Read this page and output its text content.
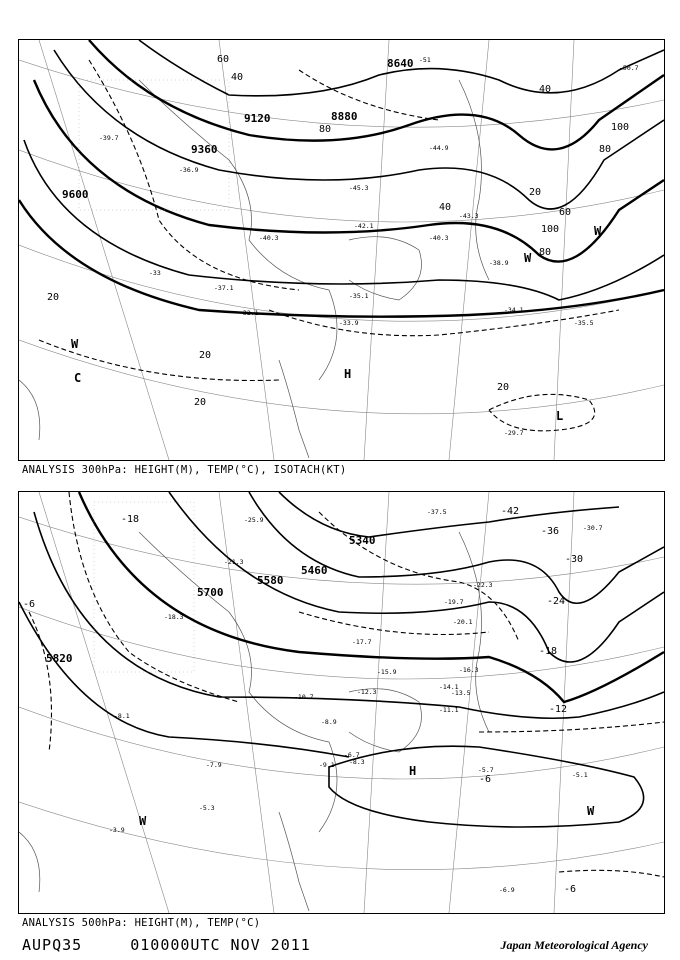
8640
8880
9120
9360
9600
60
40
80	100
40
80
20
40	60
80
100
20
20
20
20
C	H
L
W
W
W
-39.7
-36.9
-45.3
-40.3
-43.3
-38.9
-35.1
-34.1
-33.9	-35.5
-29.7
-40.3
-37.1
-32.1
-42.1
-44.9
-51
-50.7
-33
ANALYSIS 300hPa: HEIGHT(M), TEMP(°C), ISOTACH(KT)
5340
5460
5580
5700
5820
-42
-36
-30
-24
-18
-12
-6
-18
-6
-6
H
W
W
-37.5
-30.7
-22.3
-19.7
-20.1
-16.3
-13.5
-12.3
-11.1
-8.9
-6.7
-8.3
-5.1
-5.7
-9.1
-7.9
-5.3
-3.9
-8.1
-10.7
-15.9
-17.7
-21.3
-25.9
-6.9
-18.3
-14.1
ANALYSIS 500hPa: HEIGHT(M), TEMP(°C)
AUPQ35	010000UTC NOV 2011	Japan Meteorological Agency
